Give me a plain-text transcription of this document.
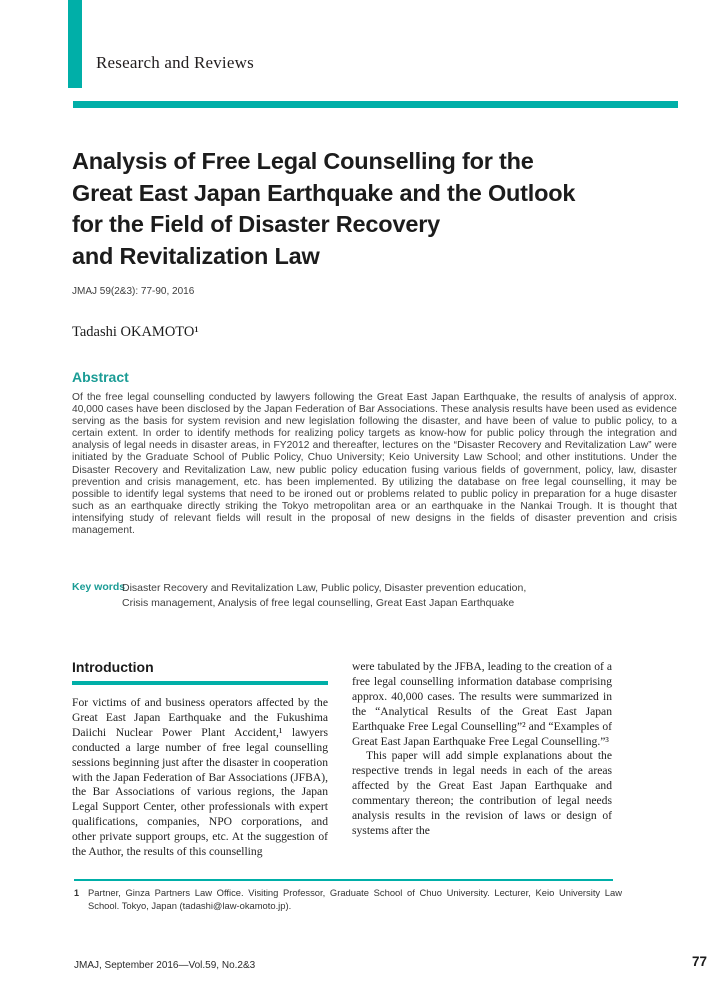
Research and Reviews
Analysis of Free Legal Counselling for the
Great East Japan Earthquake and the Outlook
for the Field of Disaster Recovery
and Revitalization Law
JMAJ 59(2&3): 77-90, 2016
Tadashi OKAMOTO¹
Abstract
Of the free legal counselling conducted by lawyers following the Great East Japan Earthquake, the results of analysis of approx. 40,000 cases have been disclosed by the Japan Federation of Bar Associations. These analysis results have been used as evidence serving as the basis for system revision and new legislation following the disaster, and have been of value to public policy, to a certain extent. In order to identify methods for realizing policy targets as know-how for public policy through the integration and analysis of legal needs in disaster areas, in FY2012 and thereafter, lectures on the “Disaster Recovery and Revitalization Law” were initiated by the Graduate School of Public Policy, Chuo University; Keio University Law School; and other institutions. Under the Disaster Recovery and Revitalization Law, new public policy education fusing various fields of government, policy, law, disaster prevention and crisis management, etc. has been implemented. By utilizing the database on free legal counselling, it may be possible to identify legal systems that need to be ironed out or problems related to public policy in preparation for a huge disaster such as an earthquake directly striking the Tokyo metropolitan area or an earthquake in the Nankai Trough. It is thought that intensifying study of relevant fields will result in the proposal of new designs in the fields of disaster prevention and crisis management.
Key words
Disaster Recovery and Revitalization Law, Public policy, Disaster prevention education,
Crisis management, Analysis of free legal counselling, Great East Japan Earthquake
Introduction

For victims of and business operators affected by the Great East Japan Earthquake and the Fukushima Daiichi Nuclear Power Plant Accident,¹ lawyers conducted a large number of free legal counselling sessions beginning just after the disaster in cooperation with the Japan Federation of Bar Associations (JFBA), the Bar Associations of various regions, the Japan Legal Support Center, other professionals with expert qualifications, companies, NPO corporations, and other private support groups, etc. At the suggestion of the Author, the results of this counselling

were tabulated by the JFBA, leading to the creation of a free legal counselling information database comprising approx. 40,000 cases. The results were summarized in the “Analytical Results of the Great East Japan Earthquake Free Legal Counselling”² and “Examples of Great East Japan Earthquake Free Legal Counselling.”³

This paper will add simple explanations about the respective trends in legal needs in each of the areas affected by the Great East Japan Earthquake and commentary thereon; the contribution of legal needs analysis results in the revision of laws or design of systems after the

1 Partner, Ginza Partners Law Office. Visiting Professor, Graduate School of Chuo University. Lecturer, Keio University Law School. Tokyo, Japan (tadashi@law-okamoto.jp).
JMAJ, September 2016—Vol.59, No.2&3	77
